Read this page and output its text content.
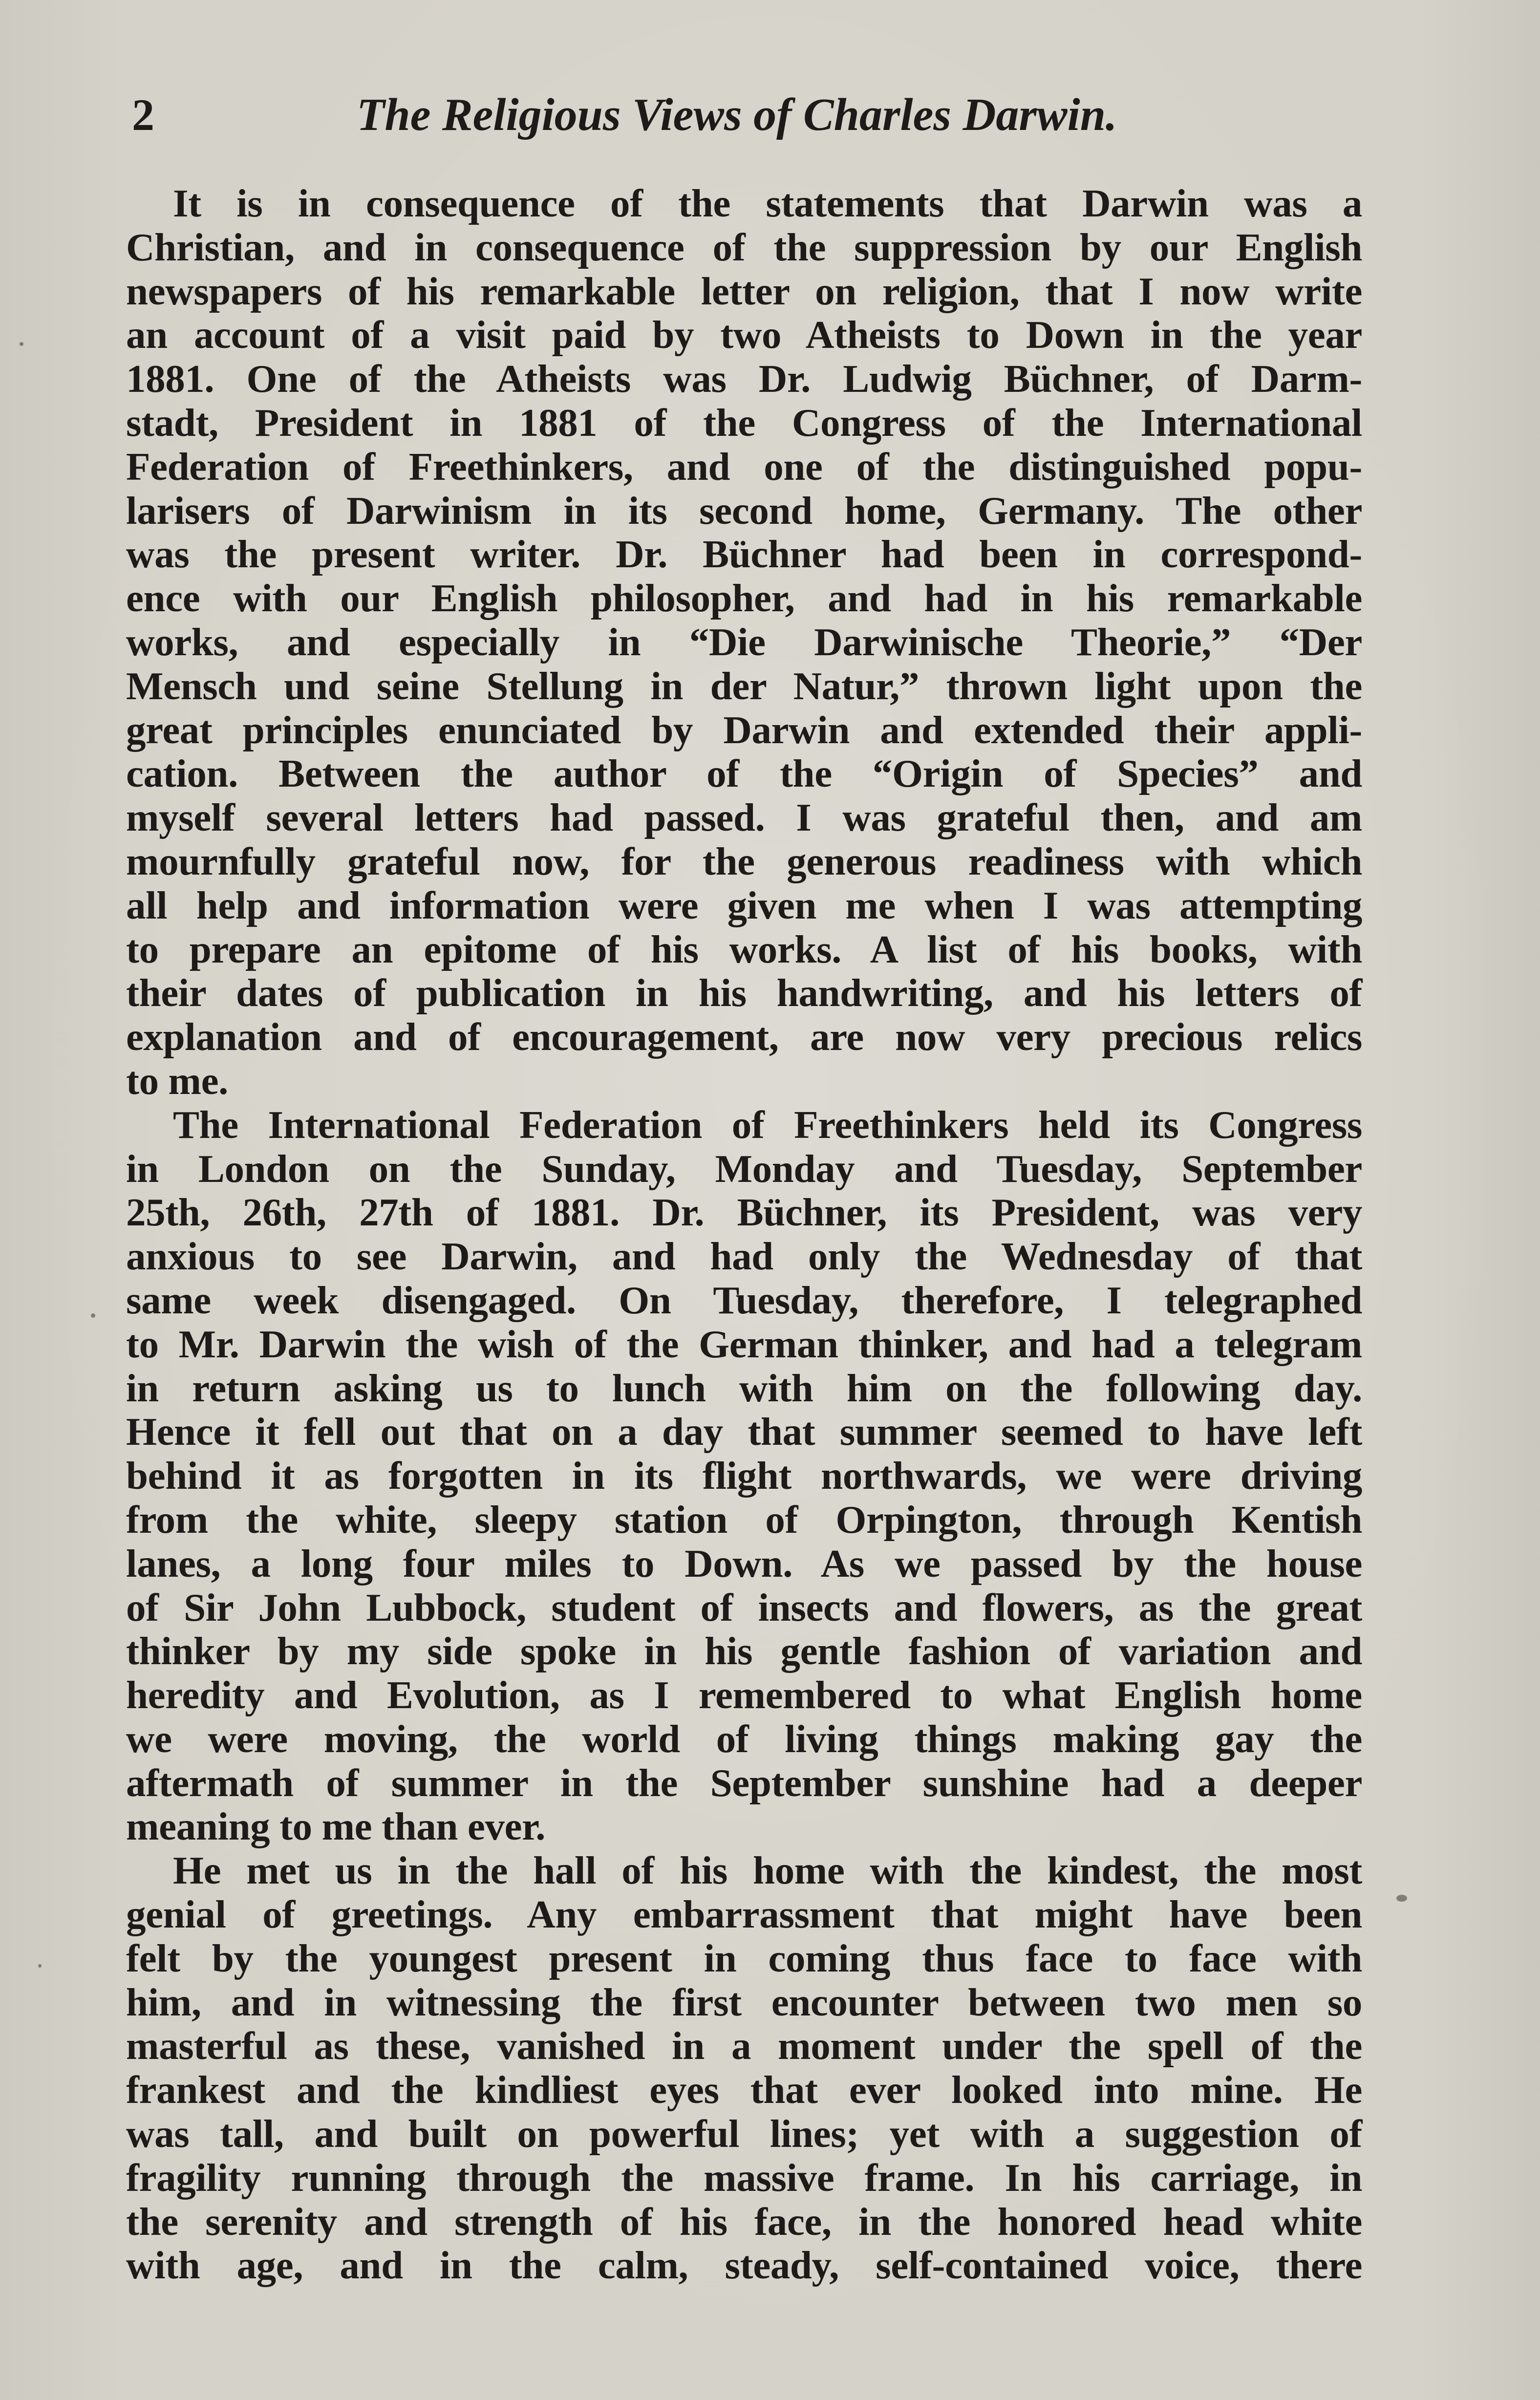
2	The Religious Views of Charles Darwin.
It is in consequence of the statements that Darwin was a
Christian, and in consequence of the suppression by our English
newspapers of his remarkable letter on religion, that I now write
an account of a visit paid by two Atheists to Down in the year
1881. One of the Atheists was Dr. Ludwig Büchner, of Darm-
stadt, President in 1881 of the Congress of the International
Federation of Freethinkers, and one of the distinguished popu-
larisers of Darwinism in its second home, Germany. The other
was the present writer. Dr. Büchner had been in correspond-
ence with our English philosopher, and had in his remarkable
works, and especially in “Die Darwinische Theorie,” “Der
Mensch und seine Stellung in der Natur,” thrown light upon the
great principles enunciated by Darwin and extended their appli-
cation. Between the author of the “Origin of Species” and
myself several letters had passed. I was grateful then, and am
mournfully grateful now, for the generous readiness with which
all help and information were given me when I was attempting
to prepare an epitome of his works. A list of his books, with
their dates of publication in his handwriting, and his letters of
explanation and of encouragement, are now very precious relics
to me.
The International Federation of Freethinkers held its Congress
in London on the Sunday, Monday and Tuesday, September
25th, 26th, 27th of 1881. Dr. Büchner, its President, was very
anxious to see Darwin, and had only the Wednesday of that
same week disengaged. On Tuesday, therefore, I telegraphed
to Mr. Darwin the wish of the German thinker, and had a telegram
in return asking us to lunch with him on the following day.
Hence it fell out that on a day that summer seemed to have left
behind it as forgotten in its flight northwards, we were driving
from the white, sleepy station of Orpington, through Kentish
lanes, a long four miles to Down. As we passed by the house
of Sir John Lubbock, student of insects and flowers, as the great
thinker by my side spoke in his gentle fashion of variation and
heredity and Evolution, as I remembered to what English home
we were moving, the world of living things making gay the
aftermath of summer in the September sunshine had a deeper
meaning to me than ever.
He met us in the hall of his home with the kindest, the most
genial of greetings. Any embarrassment that might have been
felt by the youngest present in coming thus face to face with
him, and in witnessing the first encounter between two men so
masterful as these, vanished in a moment under the spell of the
frankest and the kindliest eyes that ever looked into mine. He
was tall, and built on powerful lines; yet with a suggestion of
fragility running through the massive frame. In his carriage, in
the serenity and strength of his face, in the honored head white
with age, and in the calm, steady, self-contained voice, there
